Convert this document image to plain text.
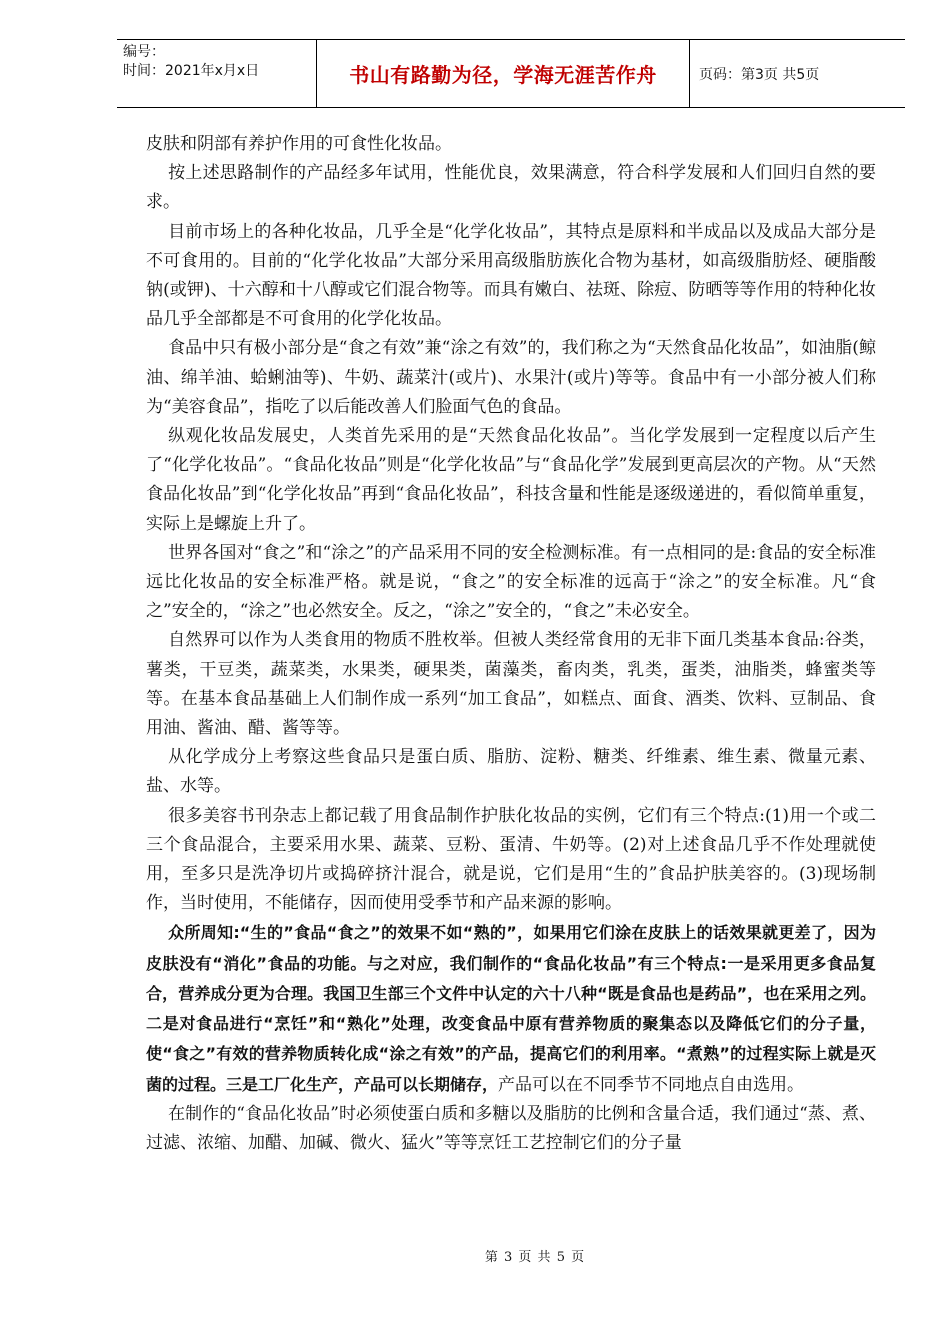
编号：
时间：2021年x月x日	书山有路勤为径，学海无涯苦作舟	页码：第3页 共5页

皮肤和阴部有养护作用的可食性化妆品。

按上述思路制作的产品经多年试用，性能优良，效果满意，符合科学发展和人们回归自然的要求。

目前市场上的各种化妆品，几乎全是“化学化妆品”，其特点是原料和半成品以及成品大部分是不可食用的。目前的“化学化妆品”大部分采用高级脂肪族化合物为基材，如高级脂肪烃、硬脂酸钠(或钾)、十六醇和十八醇或它们混合物等。而具有嫩白、祛斑、除痘、防晒等等作用的特种化妆品几乎全部都是不可食用的化学化妆品。

食品中只有极小部分是“食之有效”兼“涂之有效”的，我们称之为“天然食品化妆品”，如油脂(鲸油、绵羊油、蛤蜊油等)、牛奶、蔬菜汁(或片)、水果汁(或片)等等。食品中有一小部分被人们称为“美容食品”，指吃了以后能改善人们脸面气色的食品。

纵观化妆品发展史，人类首先采用的是“天然食品化妆品”。当化学发展到一定程度以后产生了“化学化妆品”。“食品化妆品”则是“化学化妆品”与“食品化学”发展到更高层次的产物。从“天然食品化妆品”到“化学化妆品”再到“食品化妆品”，科技含量和性能是逐级递进的，看似简单重复，实际上是螺旋上升了。

世界各国对“食之”和“涂之”的产品采用不同的安全检测标准。有一点相同的是:食品的安全标准远比化妆品的安全标准严格。就是说，“食之”的安全标准的远高于“涂之”的安全标准。凡“食之”安全的，“涂之”也必然安全。反之，“涂之”安全的，“食之”未必安全。

自然界可以作为人类食用的物质不胜枚举。但被人类经常食用的无非下面几类基本食品:谷类，薯类，干豆类，蔬菜类，水果类，硬果类，菌藻类，畜肉类，乳类，蛋类，油脂类，蜂蜜类等等。在基本食品基础上人们制作成一系列“加工食品”，如糕点、面食、酒类、饮料、豆制品、食用油、酱油、醋、酱等等。

从化学成分上考察这些食品只是蛋白质、脂肪、淀粉、糖类、纤维素、维生素、微量元素、盐、水等。

很多美容书刊杂志上都记载了用食品制作护肤化妆品的实例，它们有三个特点:(1)用一个或二三个食品混合，主要采用水果、蔬菜、豆粉、蛋清、牛奶等。(2)对上述食品几乎不作处理就使用，至多只是洗净切片或捣碎挤汁混合，就是说，它们是用“生的”食品护肤美容的。(3)现场制作，当时使用，不能储存，因而使用受季节和产品来源的影响。

众所周知:“生的”食品“食之”的效果不如“熟的”，如果用它们涂在皮肤上的话效果就更差了，因为皮肤没有“消化”食品的功能。与之对应，我们制作的“食品化妆品”有三个特点:一是采用更多食品复合，营养成分更为合理。我国卫生部三个文件中认定的六十八种“既是食品也是药品”，也在采用之列。二是对食品进行“烹饪”和“熟化”处理，改变食品中原有营养物质的聚集态以及降低它们的分子量，使“食之”有效的营养物质转化成“涂之有效”的产品，提高它们的利用率。“煮熟”的过程实际上就是灭菌的过程。三是工厂化生产，产品可以长期储存，产品可以在不同季节不同地点自由选用。

在制作的“食品化妆品”时必须使蛋白质和多糖以及脂肪的比例和含量合适，我们通过“蒸、煮、过滤、浓缩、加醋、加碱、微火、猛火”等等烹饪工艺控制它们的分子量

第 3 页 共 5 页
